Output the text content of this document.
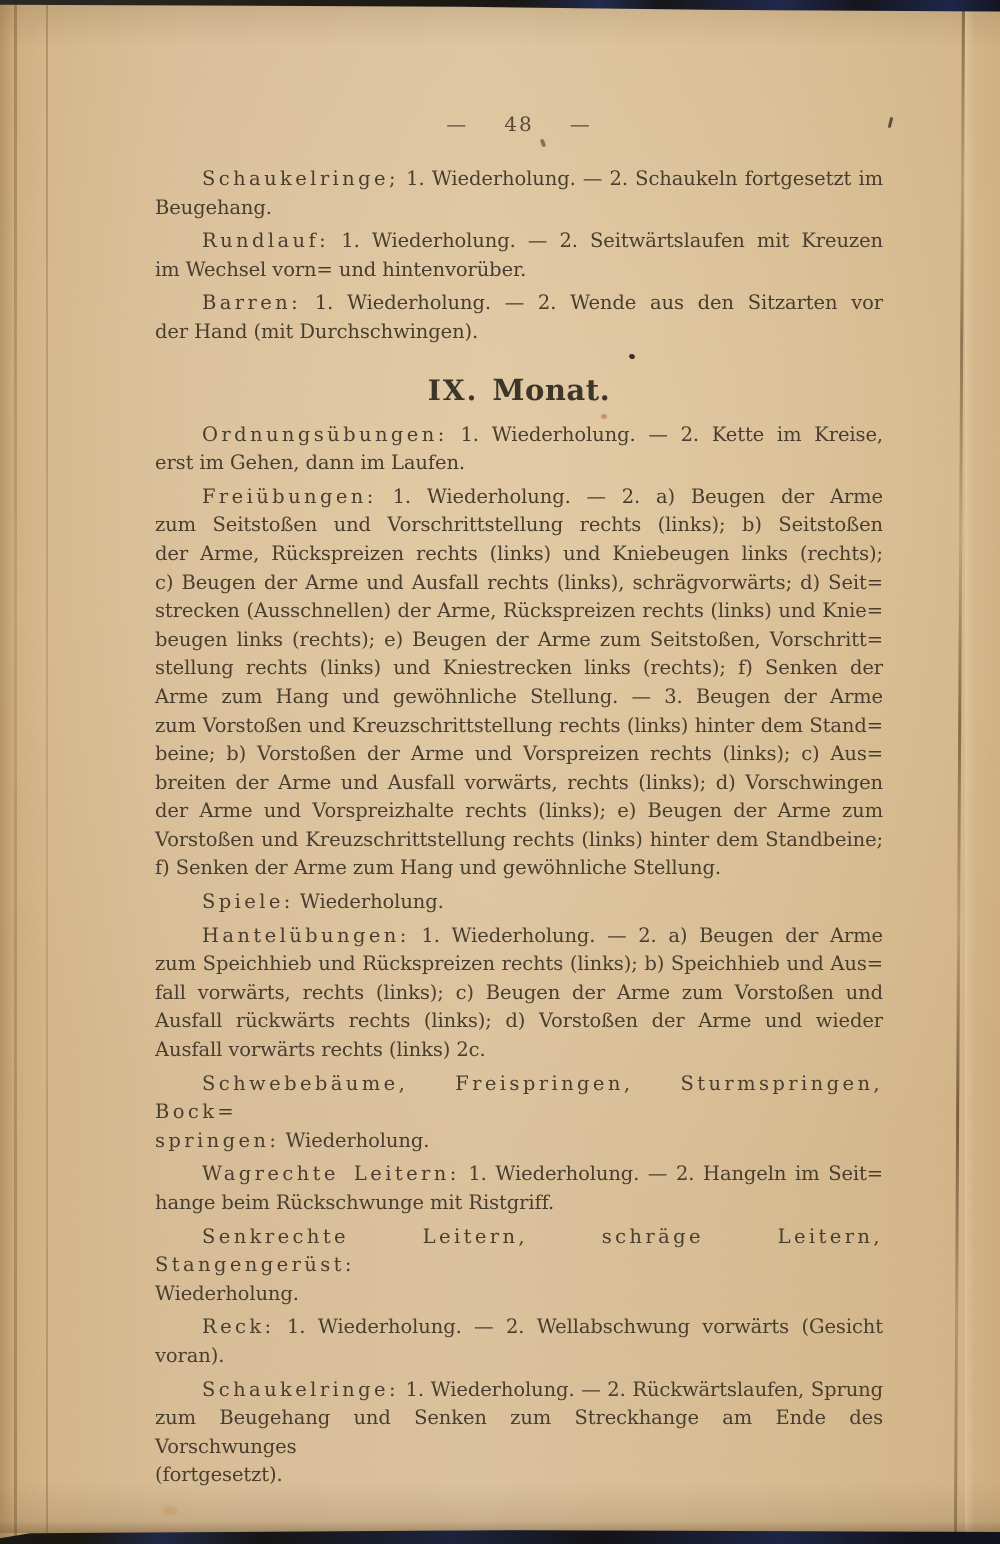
— 48 —
Schaukelringe; 1. Wiederholung. — 2. Schaukeln fortgesetzt im
Beugehang.
Rundlauf: 1. Wiederholung. — 2. Seitwärtslaufen mit Kreuzen
im Wechsel vorn= und hintenvorüber.
Barren: 1. Wiederholung. — 2. Wende aus den Sitzarten vor
der Hand (mit Durchschwingen).
IX. Monat.
Ordnungsübungen: 1. Wiederholung. — 2. Kette im Kreise,
erst im Gehen, dann im Laufen.
Freiübungen: 1. Wiederholung. — 2. a) Beugen der Arme
zum Seitstoßen und Vorschrittstellung rechts (links); b) Seitstoßen
der Arme, Rückspreizen rechts (links) und Kniebeugen links (rechts);
c) Beugen der Arme und Ausfall rechts (links), schrägvorwärts; d) Seit=
strecken (Ausschnellen) der Arme, Rückspreizen rechts (links) und Knie=
beugen links (rechts); e) Beugen der Arme zum Seitstoßen, Vorschritt=
stellung rechts (links) und Kniestrecken links (rechts); f) Senken der
Arme zum Hang und gewöhnliche Stellung. — 3. Beugen der Arme
zum Vorstoßen und Kreuzschrittstellung rechts (links) hinter dem Stand=
beine; b) Vorstoßen der Arme und Vorspreizen rechts (links); c) Aus=
breiten der Arme und Ausfall vorwärts, rechts (links); d) Vorschwingen
der Arme und Vorspreizhalte rechts (links); e) Beugen der Arme zum
Vorstoßen und Kreuzschrittstellung rechts (links) hinter dem Standbeine;
f) Senken der Arme zum Hang und gewöhnliche Stellung.
Spiele: Wiederholung.
Hantelübungen: 1. Wiederholung. — 2. a) Beugen der Arme
zum Speichhieb und Rückspreizen rechts (links); b) Speichhieb und Aus=
fall vorwärts, rechts (links); c) Beugen der Arme zum Vorstoßen und
Ausfall rückwärts rechts (links); d) Vorstoßen der Arme und wieder
Ausfall vorwärts rechts (links) 2c.
Schwebebäume, Freispringen, Sturmspringen, Bock=
springen: Wiederholung.
Wagrechte Leitern: 1. Wiederholung. — 2. Hangeln im Seit=
hange beim Rückschwunge mit Ristgriff.
Senkrechte Leitern, schräge Leitern, Stangengerüst:
Wiederholung.
Reck: 1. Wiederholung. — 2. Wellabschwung vorwärts (Gesicht
voran).
Schaukelringe: 1. Wiederholung. — 2. Rückwärtslaufen, Sprung
zum Beugehang und Senken zum Streckhange am Ende des Vorschwunges
(fortgesetzt).
